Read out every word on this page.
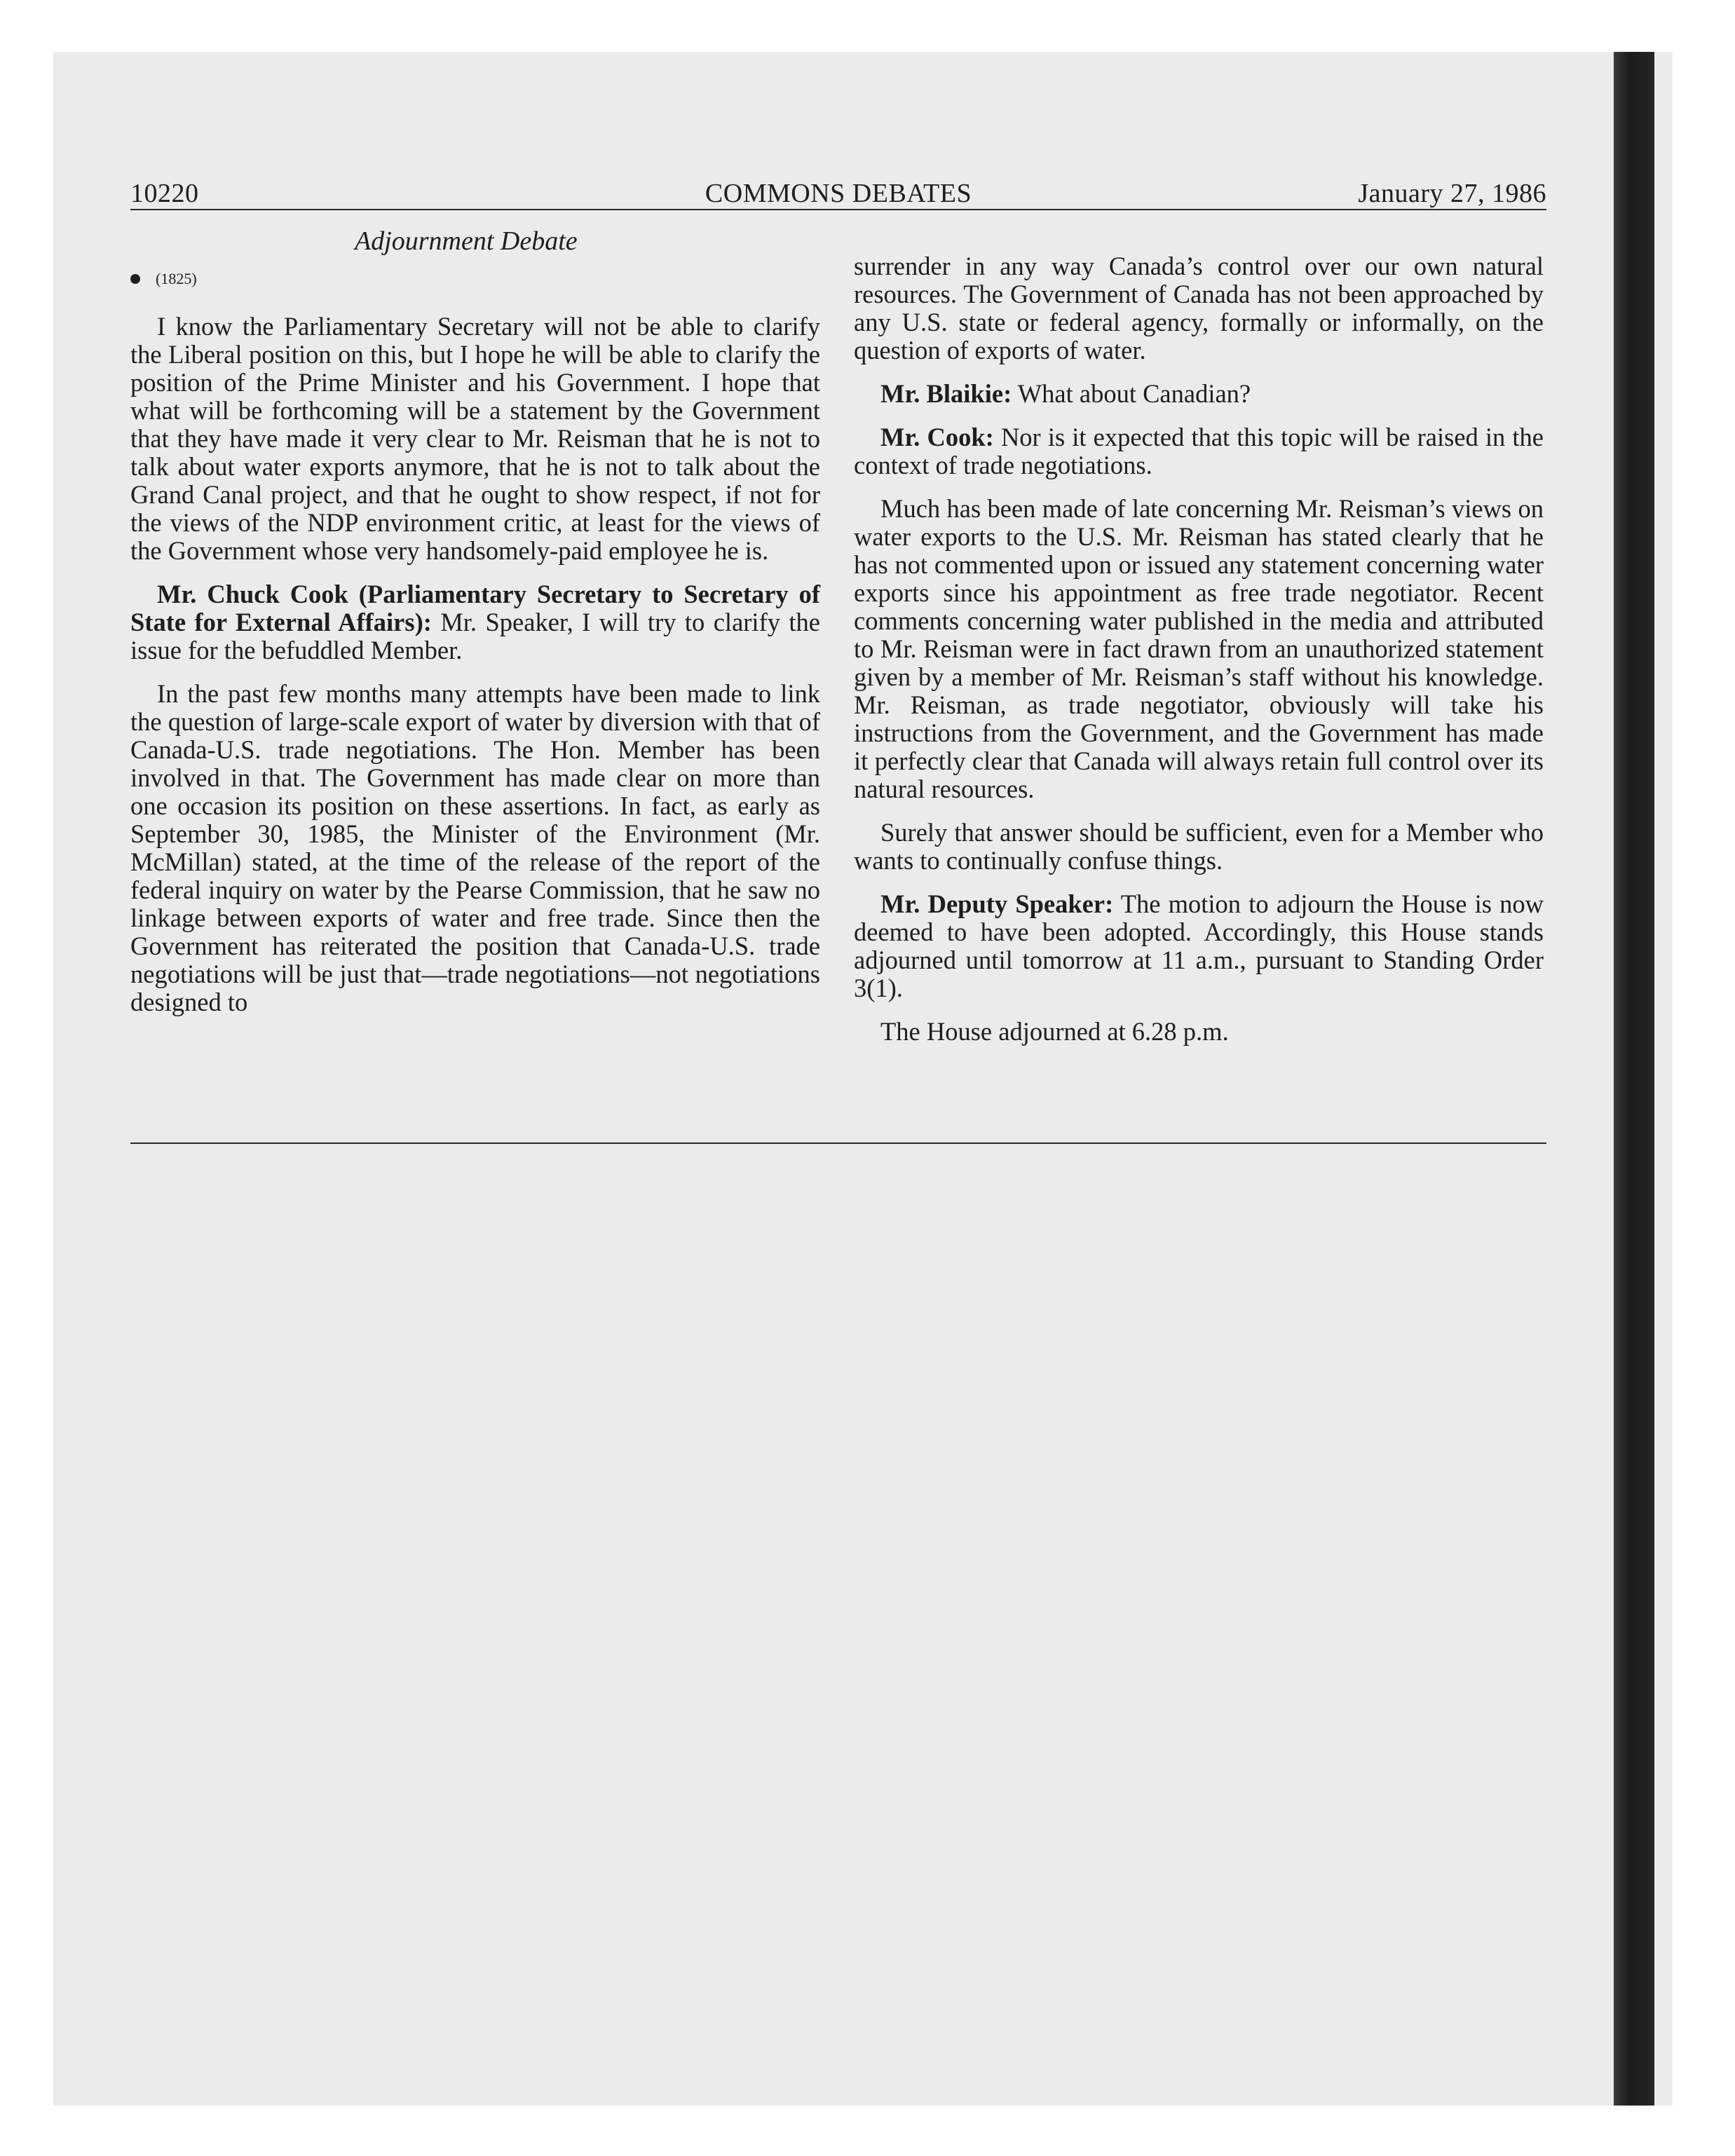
10220	COMMONS DEBATES	January 27, 1986
Adjournment Debate
(1825)

I know the Parliamentary Secretary will not be able to clarify the Liberal position on this, but I hope he will be able to clarify the position of the Prime Minister and his Government. I hope that what will be forthcoming will be a statement by the Government that they have made it very clear to Mr. Reisman that he is not to talk about water exports anymore, that he is not to talk about the Grand Canal project, and that he ought to show respect, if not for the views of the NDP environment critic, at least for the views of the Government whose very handsomely-paid employee he is.

Mr. Chuck Cook (Parliamentary Secretary to Secretary of State for External Affairs): Mr. Speaker, I will try to clarify the issue for the befuddled Member.

In the past few months many attempts have been made to link the question of large-scale export of water by diversion with that of Canada-U.S. trade negotiations. The Hon. Member has been involved in that. The Government has made clear on more than one occasion its position on these assertions. In fact, as early as September 30, 1985, the Minister of the Environment (Mr. McMillan) stated, at the time of the release of the report of the federal inquiry on water by the Pearse Commission, that he saw no linkage between exports of water and free trade. Since then the Government has reiterated the position that Canada-U.S. trade negotiations will be just that—trade negotiations—not negotiations designed to

surrender in any way Canada’s control over our own natural resources. The Government of Canada has not been approached by any U.S. state or federal agency, formally or informally, on the question of exports of water.

Mr. Blaikie: What about Canadian?

Mr. Cook: Nor is it expected that this topic will be raised in the context of trade negotiations.

Much has been made of late concerning Mr. Reisman’s views on water exports to the U.S. Mr. Reisman has stated clearly that he has not commented upon or issued any statement concerning water exports since his appointment as free trade negotiator. Recent comments concerning water published in the media and attributed to Mr. Reisman were in fact drawn from an unauthorized statement given by a member of Mr. Reisman’s staff without his knowledge. Mr. Reisman, as trade negotiator, obviously will take his instructions from the Government, and the Government has made it perfectly clear that Canada will always retain full control over its natural resources.

Surely that answer should be sufficient, even for a Member who wants to continually confuse things.

Mr. Deputy Speaker: The motion to adjourn the House is now deemed to have been adopted. Accordingly, this House stands adjourned until tomorrow at 11 a.m., pursuant to Standing Order 3(1).

The House adjourned at 6.28 p.m.
